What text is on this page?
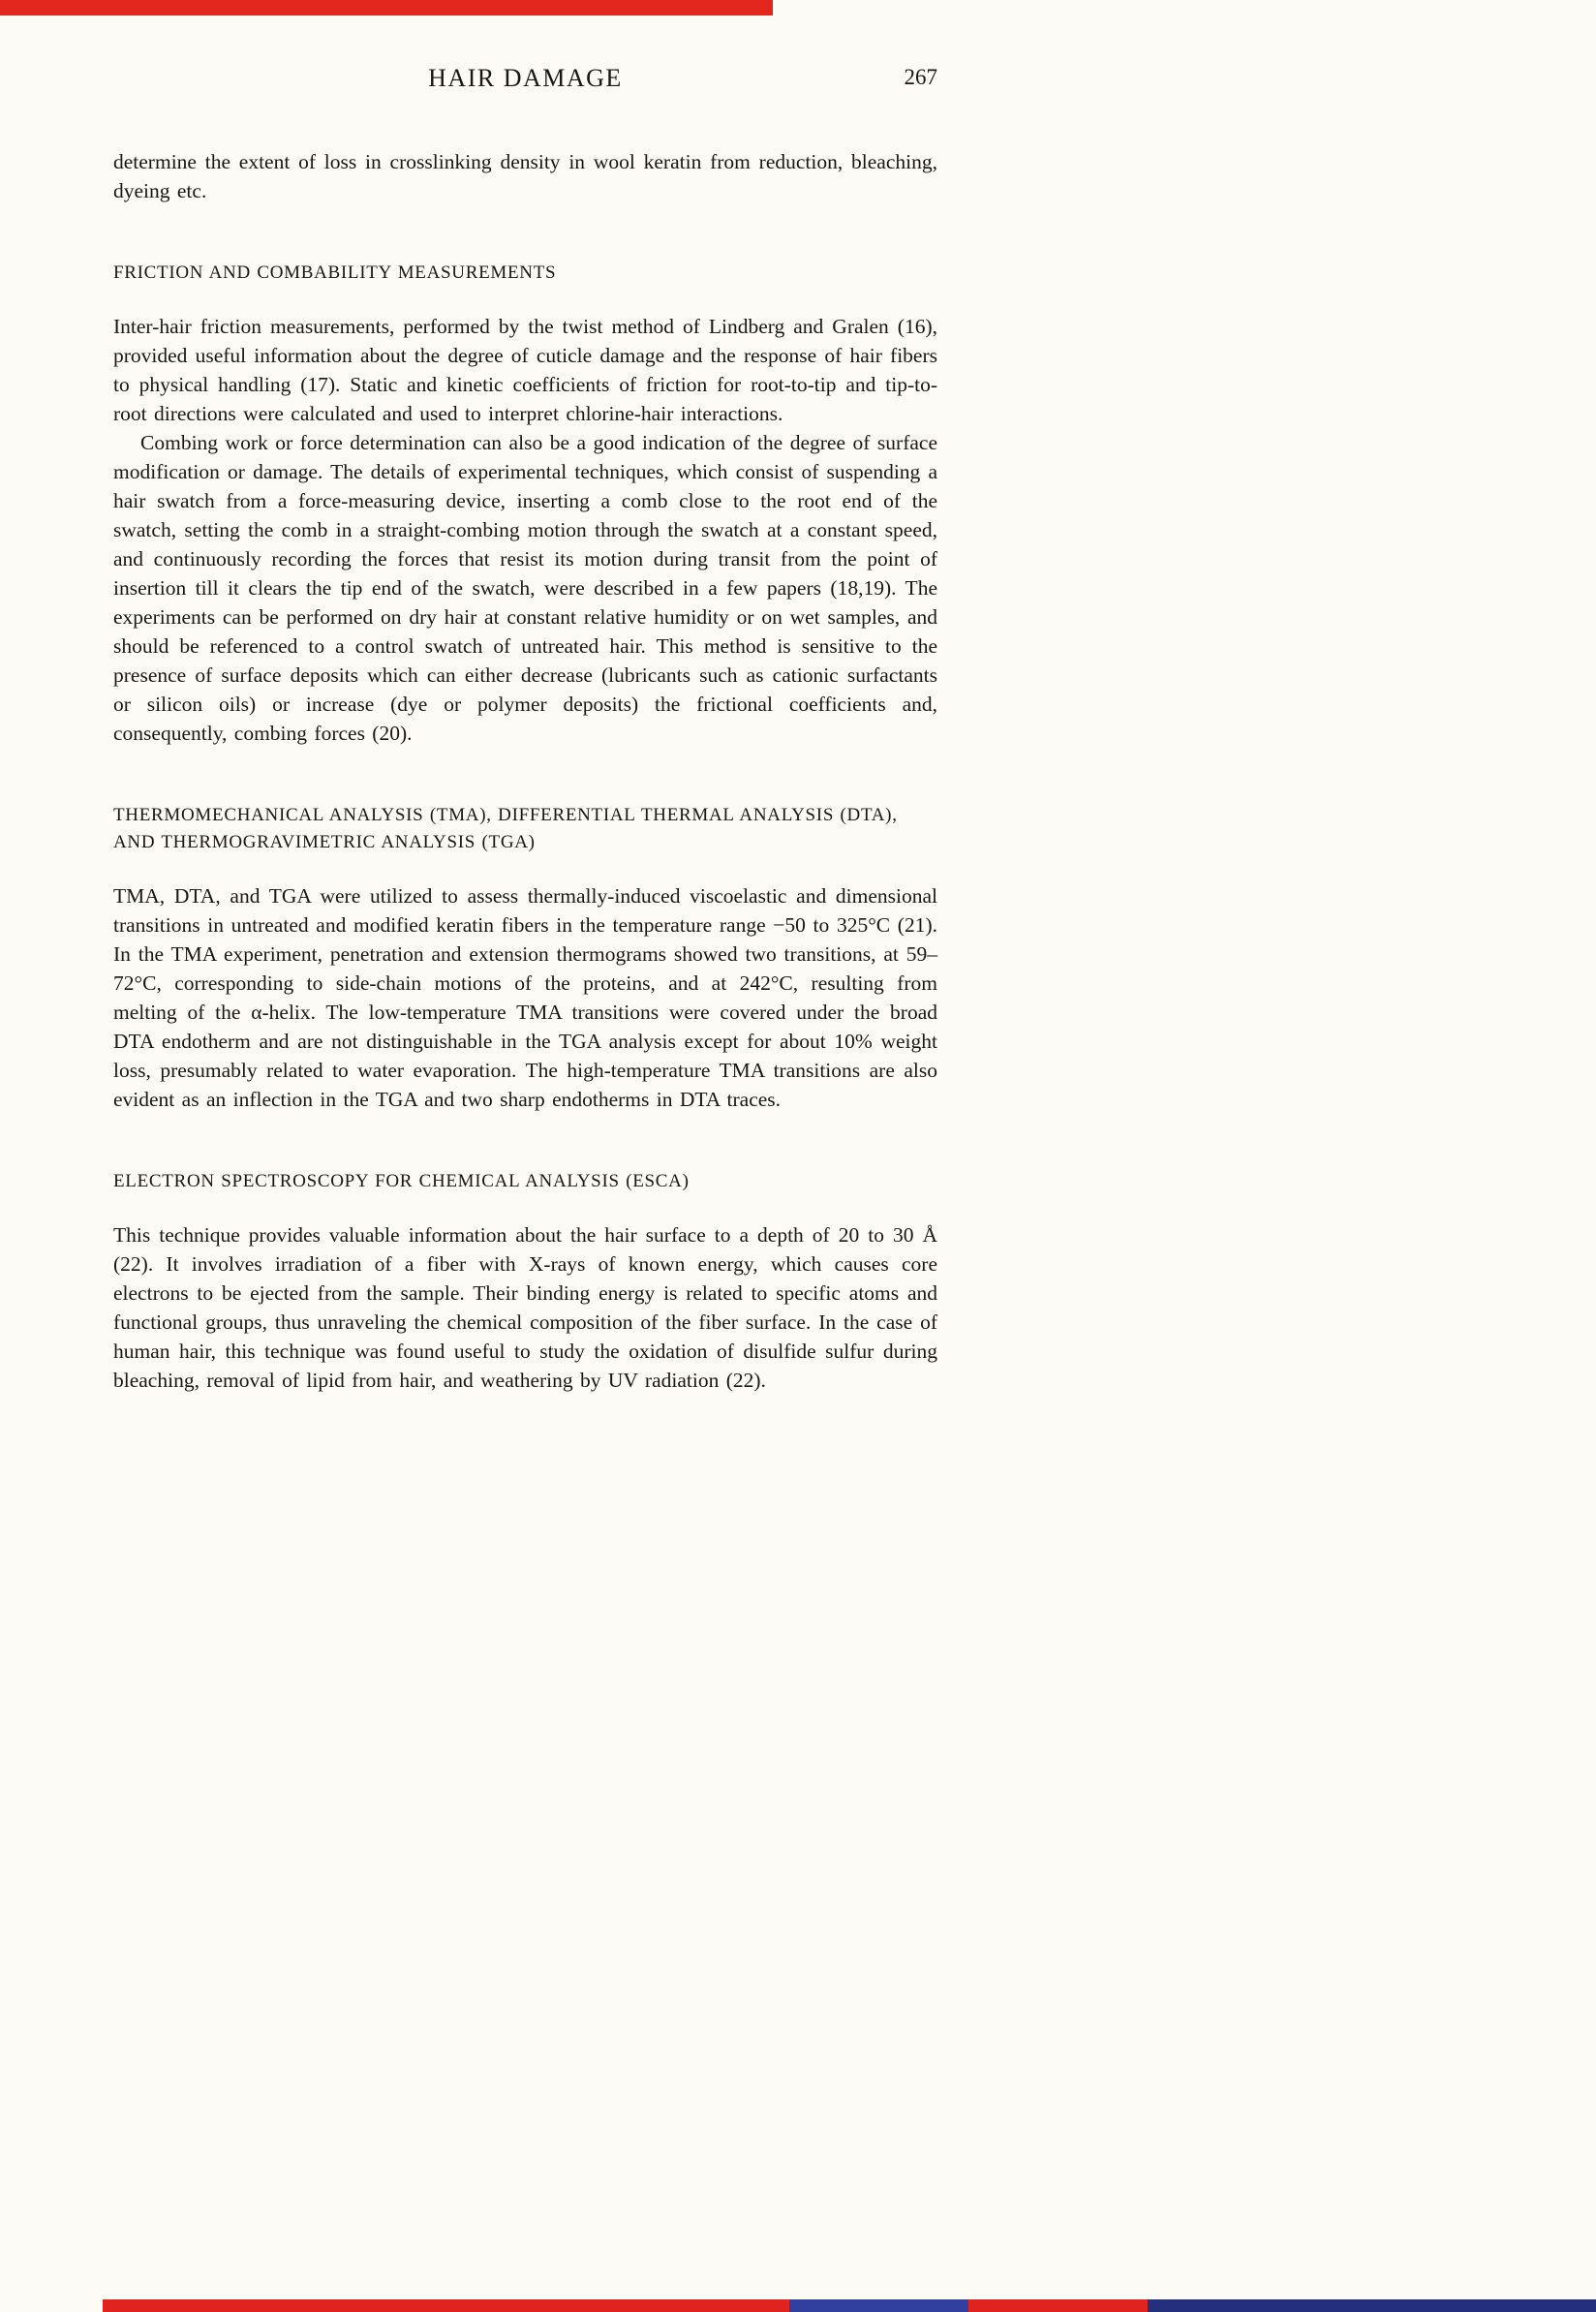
HAIR DAMAGE	267

determine the extent of loss in crosslinking density in wool keratin from reduction, bleaching, dyeing etc.

FRICTION AND COMBABILITY MEASUREMENTS

Inter-hair friction measurements, performed by the twist method of Lindberg and Gralen (16), provided useful information about the degree of cuticle damage and the response of hair fibers to physical handling (17). Static and kinetic coefficients of friction for root-to-tip and tip-to-root directions were calculated and used to interpret chlorine-hair interactions.

Combing work or force determination can also be a good indication of the degree of surface modification or damage. The details of experimental techniques, which consist of suspending a hair swatch from a force-measuring device, inserting a comb close to the root end of the swatch, setting the comb in a straight-combing motion through the swatch at a constant speed, and continuously recording the forces that resist its motion during transit from the point of insertion till it clears the tip end of the swatch, were described in a few papers (18,19). The experiments can be performed on dry hair at constant relative humidity or on wet samples, and should be referenced to a control swatch of untreated hair. This method is sensitive to the presence of surface deposits which can either decrease (lubricants such as cationic surfactants or silicon oils) or increase (dye or polymer deposits) the frictional coefficients and, consequently, combing forces (20).

THERMOMECHANICAL ANALYSIS (TMA), DIFFERENTIAL THERMAL ANALYSIS (DTA), AND THERMOGRAVIMETRIC ANALYSIS (TGA)

TMA, DTA, and TGA were utilized to assess thermally-induced viscoelastic and dimensional transitions in untreated and modified keratin fibers in the temperature range −50 to 325°C (21). In the TMA experiment, penetration and extension thermograms showed two transitions, at 59–72°C, corresponding to side-chain motions of the proteins, and at 242°C, resulting from melting of the α-helix. The low-temperature TMA transitions were covered under the broad DTA endotherm and are not distinguishable in the TGA analysis except for about 10% weight loss, presumably related to water evaporation. The high-temperature TMA transitions are also evident as an inflection in the TGA and two sharp endotherms in DTA traces.

ELECTRON SPECTROSCOPY FOR CHEMICAL ANALYSIS (ESCA)

This technique provides valuable information about the hair surface to a depth of 20 to 30 Å (22). It involves irradiation of a fiber with X-rays of known energy, which causes core electrons to be ejected from the sample. Their binding energy is related to specific atoms and functional groups, thus unraveling the chemical composition of the fiber surface. In the case of human hair, this technique was found useful to study the oxidation of disulfide sulfur during bleaching, removal of lipid from hair, and weathering by UV radiation (22).
